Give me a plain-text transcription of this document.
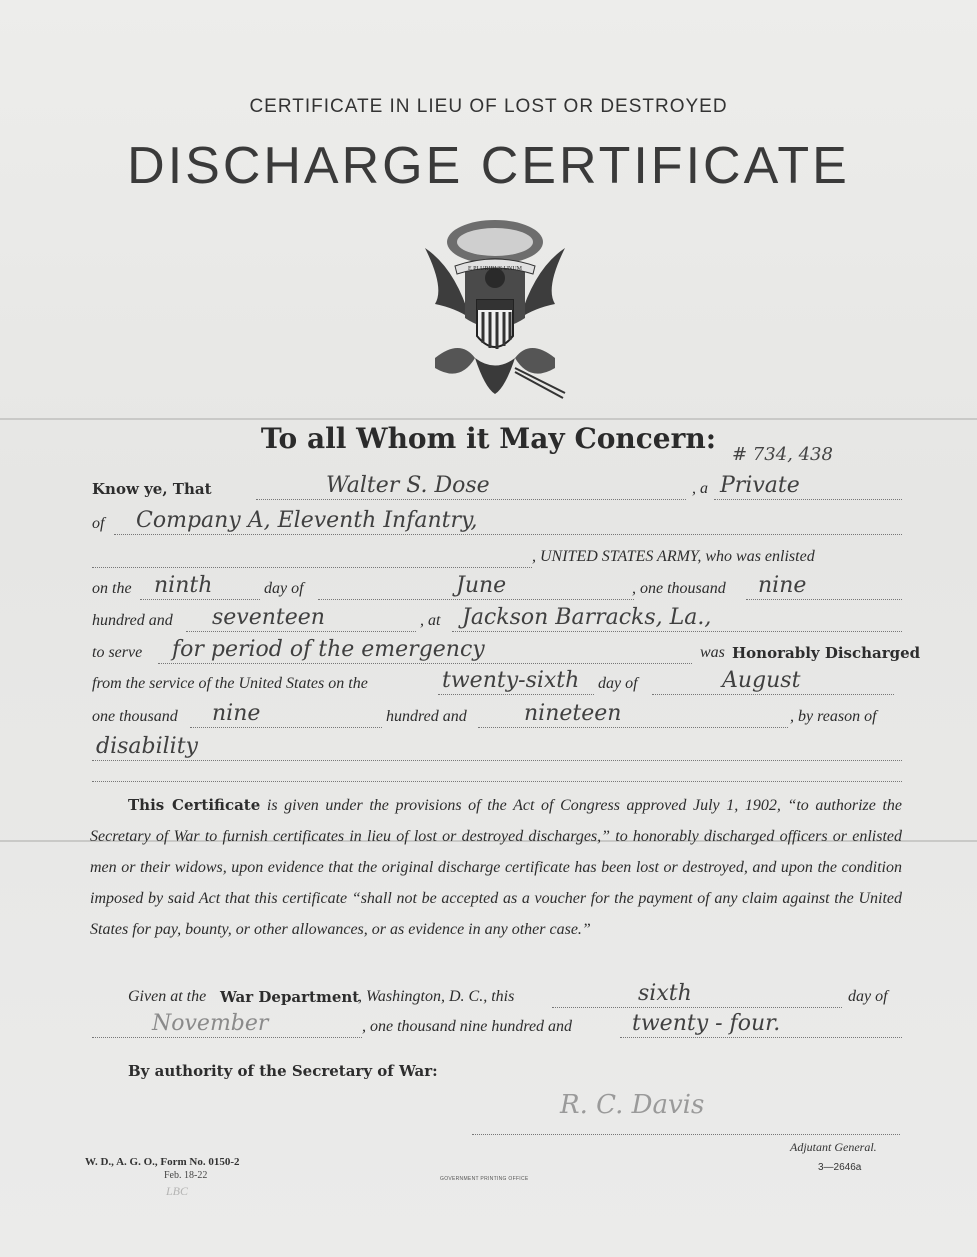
CERTIFICATE IN LIEU OF LOST OR DESTROYED
DISCHARGE CERTIFICATE
E PLURIBUS UNUM
To all Whom it May Concern: # 734, 438
Know ye, That	Walter S. Dose	, a Private
of Company A, Eleventh Infantry,
, UNITED STATES ARMY, who was enlisted
on the ninth	day of	June	, one thousand nine
hundred and seventeen	, at Jackson Barracks, La.,
to serve for period of the emergency	was Honorably Discharged
from the service of the United States on the	twenty-sixth day of	August
one thousand nine	hundred and	nineteen	, by reason of
disability
This Certificate is given under the provisions of the Act of Congress approved July 1, 1902, “to authorize the Secretary of War to furnish certificates in lieu of lost or destroyed discharges,” to honorably discharged officers or enlisted men or their widows, upon evidence that the original discharge certificate has been lost or destroyed, and upon the condition imposed by said Act that this certificate “shall not be accepted as a voucher for the payment of any claim against the United States for pay, bounty, or other allowances, or as evidence in any other case.”
Given at the War Department
, Washington, D. C., this	sixth	day of
November	, one thousand nine hundred and	twenty - four.
By authority of the Secretary of War:
R. C. Davis
Adjutant General.
3—2646a
W. D., A. G. O., Form No. 0150-2
Feb. 18-22	GOVERNMENT PRINTING OFFICE
LBC
